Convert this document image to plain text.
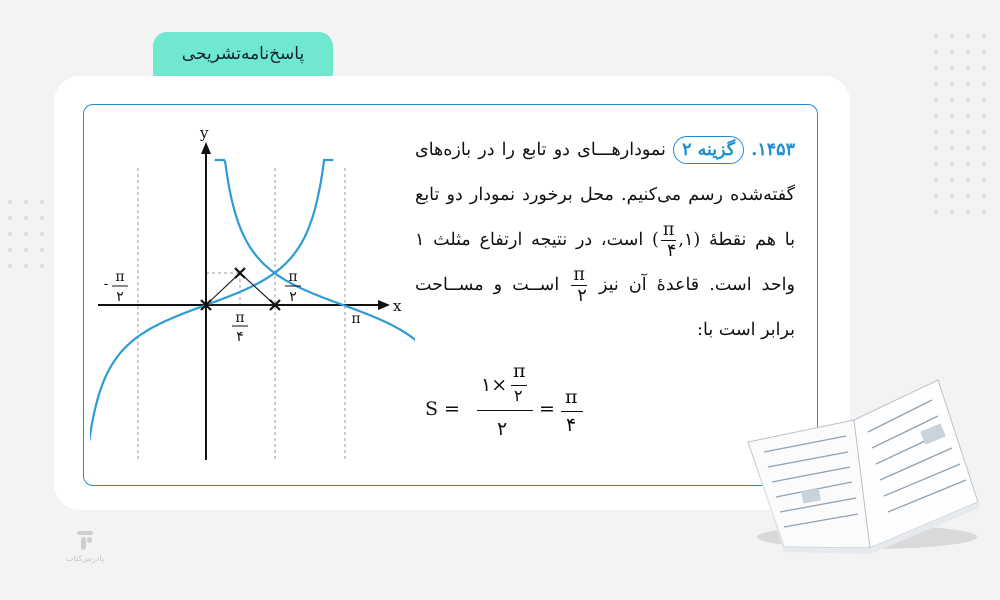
پاسخ‌نامه‌تشریحی
x
y
- π
۲
π
۴
π
۲
π
۱۴۵۳. گزینه ۲ نمودارهـــای دو تابع را در بازه‌های گفته‌شده رسم می‌کنیم. محل برخورد نمودار دو تابع با هم نقطهٔ (۱,
$\frac{\pi}{۴}$
) است، در نتیجه ارتفاع مثلث ۱ واحد است. قاعدهٔ آن نیز
$\frac{\pi}{۲}$
اســت و مســاحت برابر است با:
S =
۱×
π
۲
۲
=
π
۴
پادرس‌کتاب
